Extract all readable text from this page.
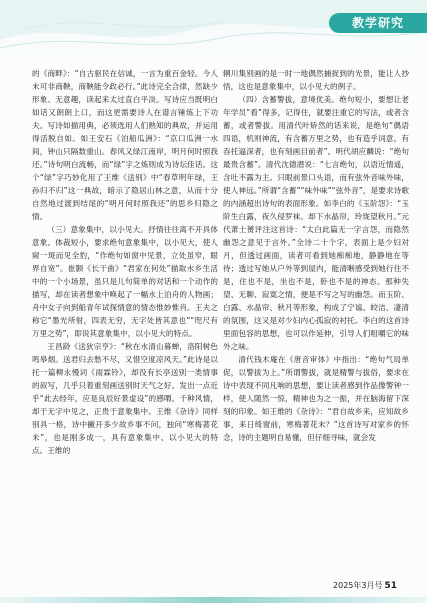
教学研究

的《商畔》：“自古驱民在信诚，一言为重百金轻。今人未可非商鞅，商鞅能令政必行。”此诗完全合律，然缺少形象、无意趣，读起来太过直白平淡。写诗应当既明白如话又朗朗上口，而这更需要诗人在谱言锤炼上下功夫。写诗如描用典，必须选用人们熟知的典故，并运用得活脱自如。如王安石《泊船瓜洲》：“京口瓜洲一水间，钟山只隔数重山。春风又绿江南岸，明月何时照我还。”诗句明白流畅，而“绿”字之炼则成为诗坛佳话。这个“绿”字巧妙化用了王维《送别》中“春草明年绿，王孙归不归”这一典故，暗示了隐居山林之意，从而十分自然地过渡到结尾的“明月何时照我还”的思乡归隐之情。

（三）意象集中，以小见大。抒情往往离不开具体意象。体裁短小，要求绝句意象集中，以小见大，使人窥一斑而见全豹，“作绝句如窗中见景，立处虽窄，眼界自宽”。崔颢《长干曲》“君家在何处”描取水乡生活中的一个小场景，虽只是儿句简单的对话和一个动作的描写，却在读者想象中唤起了一幅水上泊舟的人物画；舟中女子向到船青年试探情意的情态惟妙惟肖。王夫之称它“墨光所射，四表无穷，无字处皆其意也”“咫尺有万里之势”，即说其意象集中，以小见大的特点。

王昌龄《送狄宗亨》：“秋在水清山暮蝉，洛阳树色鸣皋烟。送君归去愁不尽，又惜空度凉风天。”此诗是以托一篇柳永慢词《雨霖铃》，却没有长亭送别一类情事的叙写，几乎只着重刻画送别时天气之好。发出一点近乎“此去经年，应是良辰好景虚设”的感喟。千种风情，却于无字中见之，正贵于意象集中。王维《杂诗》同样别具一格，诗中撇开多少故乡事不问，独问“寒梅著花未”，也是刚多成一，具有意象集中、以小见大的特点。王维的

辋川集别画的是一时一地偶然捕捉到的光景，能让人抄悟，这也是意象集中，以小见大的例子。

（四）含蓄警拔，意境优美。绝句短小，要想让老年学员“看”得多，记得住，就要注重它的写法，或者含蓄，或者警拔。用清代叶矫然的话来说，是绝句“偶语四语，机则神流，有含蓄万里之势，也有造乎词意。有吞托逼深者，也有刻画目前者”。明代胡应麟说：“绝句最贵含蓄”。清代沈德潜说：“七言绝句，以语近情遥，含吐不露为主。只眼前景口头语，而有弦外音味外味，使人神远。”所谓“含蓄”“味外味”“弦外音”，是要求诗歌的内涵超出诗句的表面形象。如李白的《玉阶怨》：“玉阶生白露，夜久侵罗袜。却下水晶帘，玲珑望秋月。”元代萧士赟评注这首诗：“太白此篇无一字言怨，而隐然幽怨之意见于言外。”全诗二十个字，表面上是少妇对月，但透过画面，读者可看到她痴痴地，静静地在等待；透过写她从户外等到屋内，能清晰感受到她行住不是，住也不是，坐也不是，卧也不是的神态。那种失望、无聊、寂寞之情，便是不写之写的幽怨。而玉阶、白露、水晶帘、秋月等形象，构成了宁谧、皎洁、凄清的氛围，这又是对少妇内心孤寂的衬托。李白的这首诗里面包容的思想，也可以作延伸，引导人们咀嚼它的味外之味。

清代钱木庵在《唐音审体》中指出：“绝句气局单促，以警拔为上。”所谓警拔，就是精警与拔俗，要求在诗中表现不同凡响的思想，要让读者感到作品像警钟一样，使人随然一惊，精神也为之一振，并在脑海留下深刻的印象。如王维的《杂诗》：“君自故乡来，应知故乡事，来日绮窗前，寒梅著花未？”这首诗写对家乡的怀念，诗的主题明自易懂，但仔细寻味，就会发

2025年3月号 51
